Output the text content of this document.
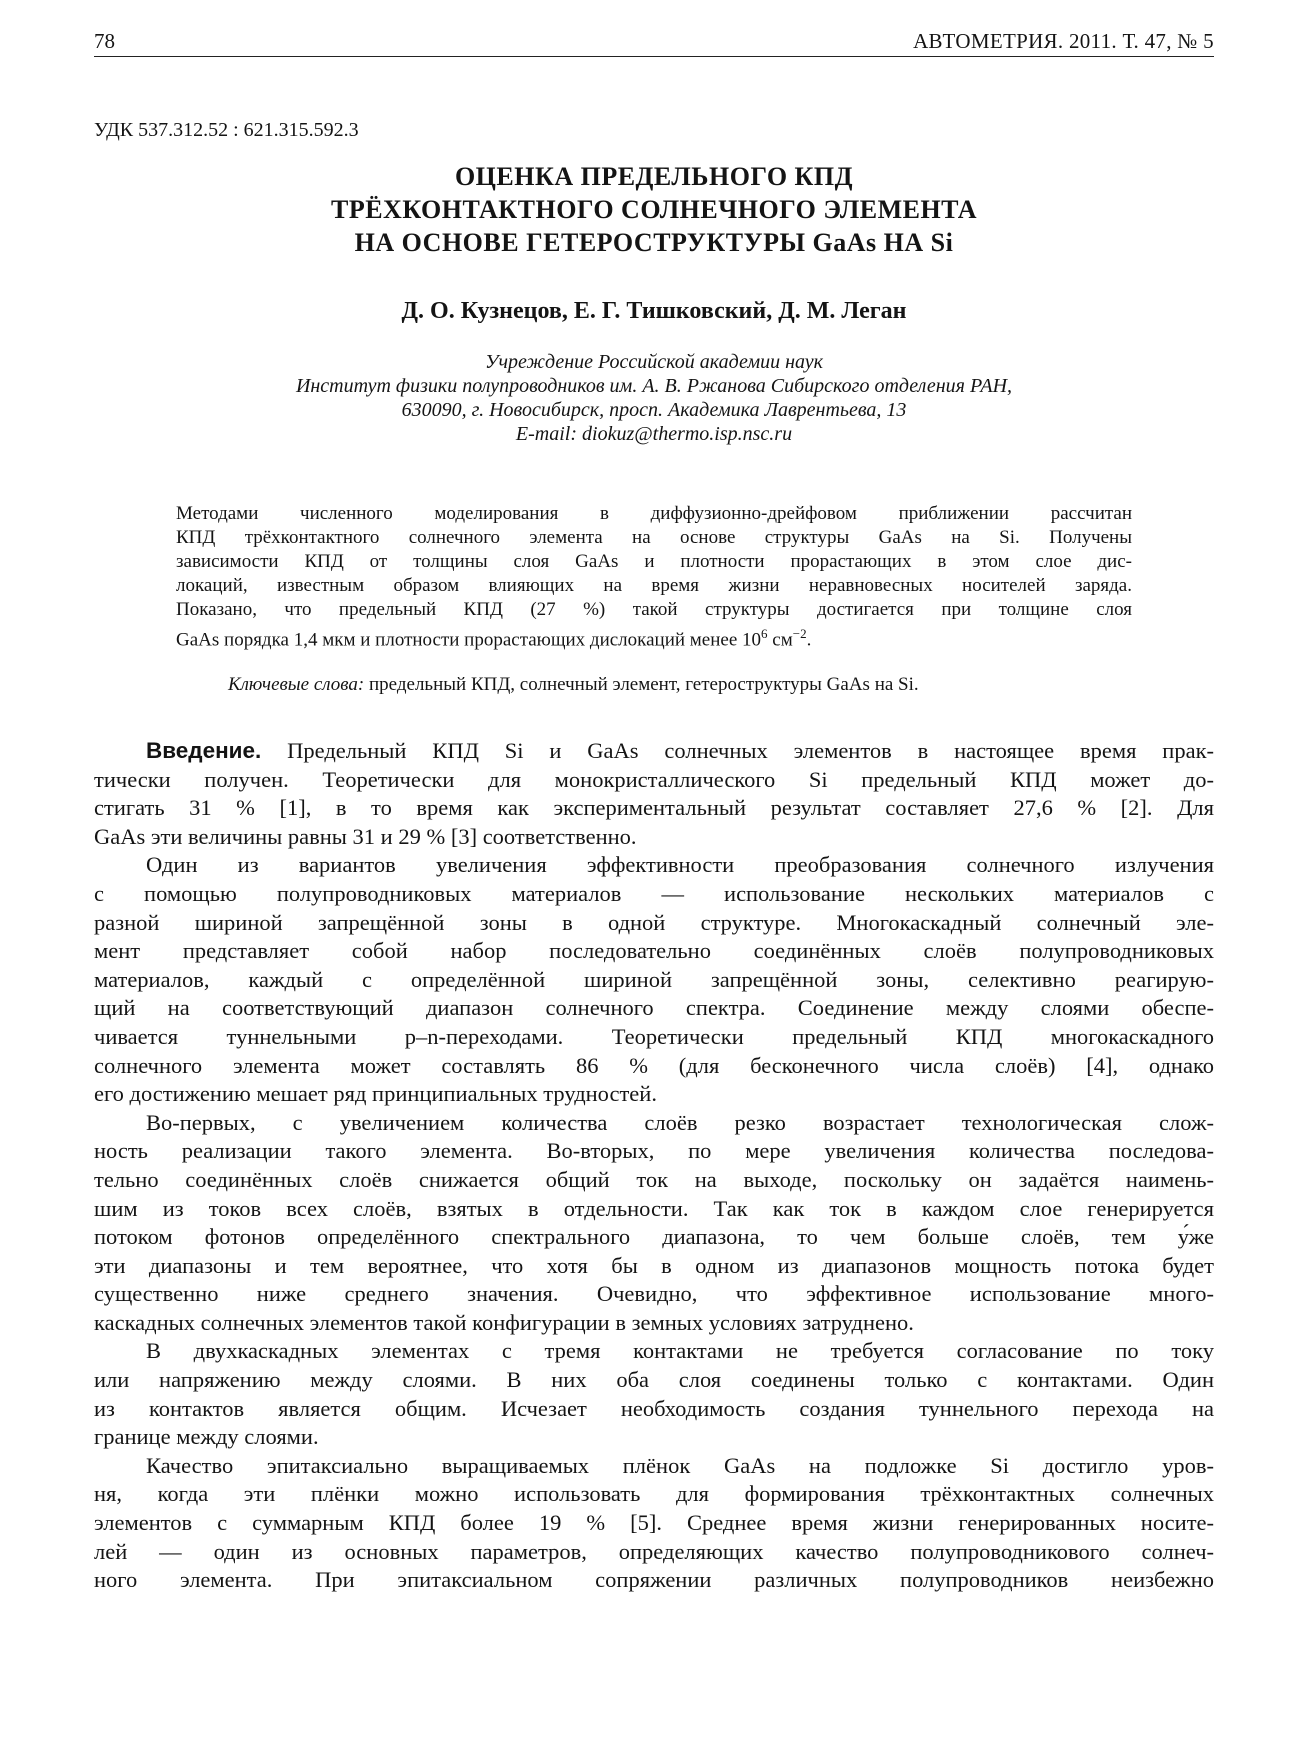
78	АВТОМЕТРИЯ. 2011. Т. 47, № 5
УДК 537.312.52 : 621.315.592.3
ОЦЕНКА ПРЕДЕЛЬНОГО КПД
ТРЁХКОНТАКТНОГО СОЛНЕЧНОГО ЭЛЕМЕНТА
НА ОСНОВЕ ГЕТЕРОСТРУКТУРЫ GaAs НА Si
Д. О. Кузнецов, Е. Г. Тишковский, Д. М. Леган
Учреждение Российской академии наук
Институт физики полупроводников им. А. В. Ржанова Сибирского отделения РАН,
630090, г. Новосибирск, просп. Академика Лаврентьева, 13
E-mail: diokuz@thermo.isp.nsc.ru
Методами численного моделирования в диффузионно-дрейфовом приближении рассчитан
КПД трёхконтактного солнечного элемента на основе структуры GaAs на Si. Получены
зависимости КПД от толщины слоя GaAs и плотности прорастающих в этом слое дис-
локаций, известным образом влияющих на время жизни неравновесных носителей заряда.
Показано, что предельный КПД (27 %) такой структуры достигается при толщине слоя
GaAs порядка 1,4 мкм и плотности прорастающих дислокаций менее $10^6$ $см^{-2}$.
Ключевые слова: предельный КПД, солнечный элемент, гетероструктуры GaAs на Si.
Введение. Предельный КПД Si и GaAs солнечных элементов в настоящее время прак-
тически получен. Теоретически для монокристаллического Si предельный КПД может до-
стигать 31 % [1], в то время как экспериментальный результат составляет 27,6 % [2]. Для
GaAs эти величины равны 31 и 29 % [3] соответственно.
Один из вариантов увеличения эффективности преобразования солнечного излучения
с помощью полупроводниковых материалов — использование нескольких материалов с
разной шириной запрещённой зоны в одной структуре. Многокаскадный солнечный эле-
мент представляет собой набор последовательно соединённых слоёв полупроводниковых
материалов, каждый с определённой шириной запрещённой зоны, селективно реагирую-
щий на соответствующий диапазон солнечного спектра. Соединение между слоями обеспе-
чивается туннельными p–n-переходами. Теоретически предельный КПД многокаскадного
солнечного элемента может составлять 86 % (для бесконечного числа слоёв) [4], однако
его достижению мешает ряд принципиальных трудностей.
Во-первых, с увеличением количества слоёв резко возрастает технологическая слож-
ность реализации такого элемента. Во-вторых, по мере увеличения количества последова-
тельно соединённых слоёв снижается общий ток на выходе, поскольку он задаётся наимень-
шим из токов всех слоёв, взятых в отдельности. Так как ток в каждом слое генерируется
потоком фотонов определённого спектрального диапазона, то чем больше слоёв, тем у́же
эти диапазоны и тем вероятнее, что хотя бы в одном из диапазонов мощность потока будет
существенно ниже среднего значения. Очевидно, что эффективное использование много-
каскадных солнечных элементов такой конфигурации в земных условиях затруднено.
В двухкаскадных элементах с тремя контактами не требуется согласование по току
или напряжению между слоями. В них оба слоя соединены только с контактами. Один
из контактов является общим. Исчезает необходимость создания туннельного перехода на
границе между слоями.
Качество эпитаксиально выращиваемых плёнок GaAs на подложке Si достигло уров-
ня, когда эти плёнки можно использовать для формирования трёхконтактных солнечных
элементов с суммарным КПД более 19 % [5]. Среднее время жизни генерированных носите-
лей — один из основных параметров, определяющих качество полупроводникового солнеч-
ного элемента. При эпитаксиальном сопряжении различных полупроводников неизбежно
